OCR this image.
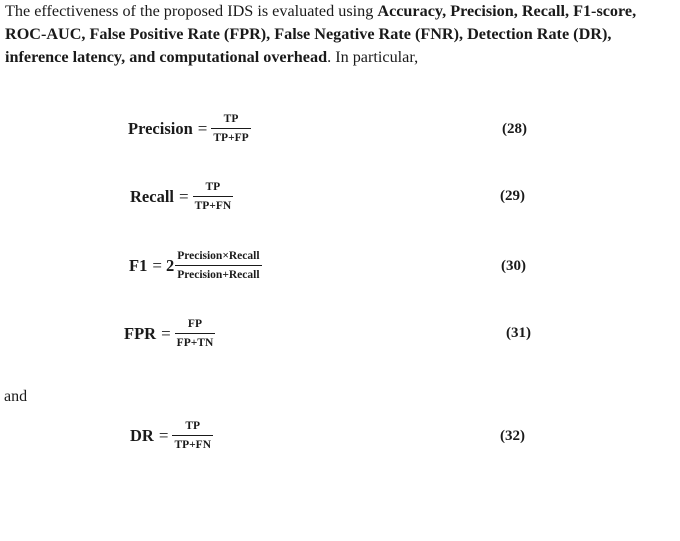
The effectiveness of the proposed IDS is evaluated using Accuracy, Precision, Recall, F1-score, ROC-AUC, False Positive Rate (FPR), False Negative Rate (FNR), Detection Rate (DR), inference latency, and computational overhead. In particular,

Precision = $\frac{TP}{TP+FP}$	(28)
Recall = $\frac{TP}{TP+FN}$	(29)
$F1 = 2 \frac{\text{Precision×Recall}}{\text{Precision+Recall}}$	(30)
FPR = $\frac{FP}{FP+TN}$	(31)
and
DR = $\frac{TP}{TP+FN}$	(32)
